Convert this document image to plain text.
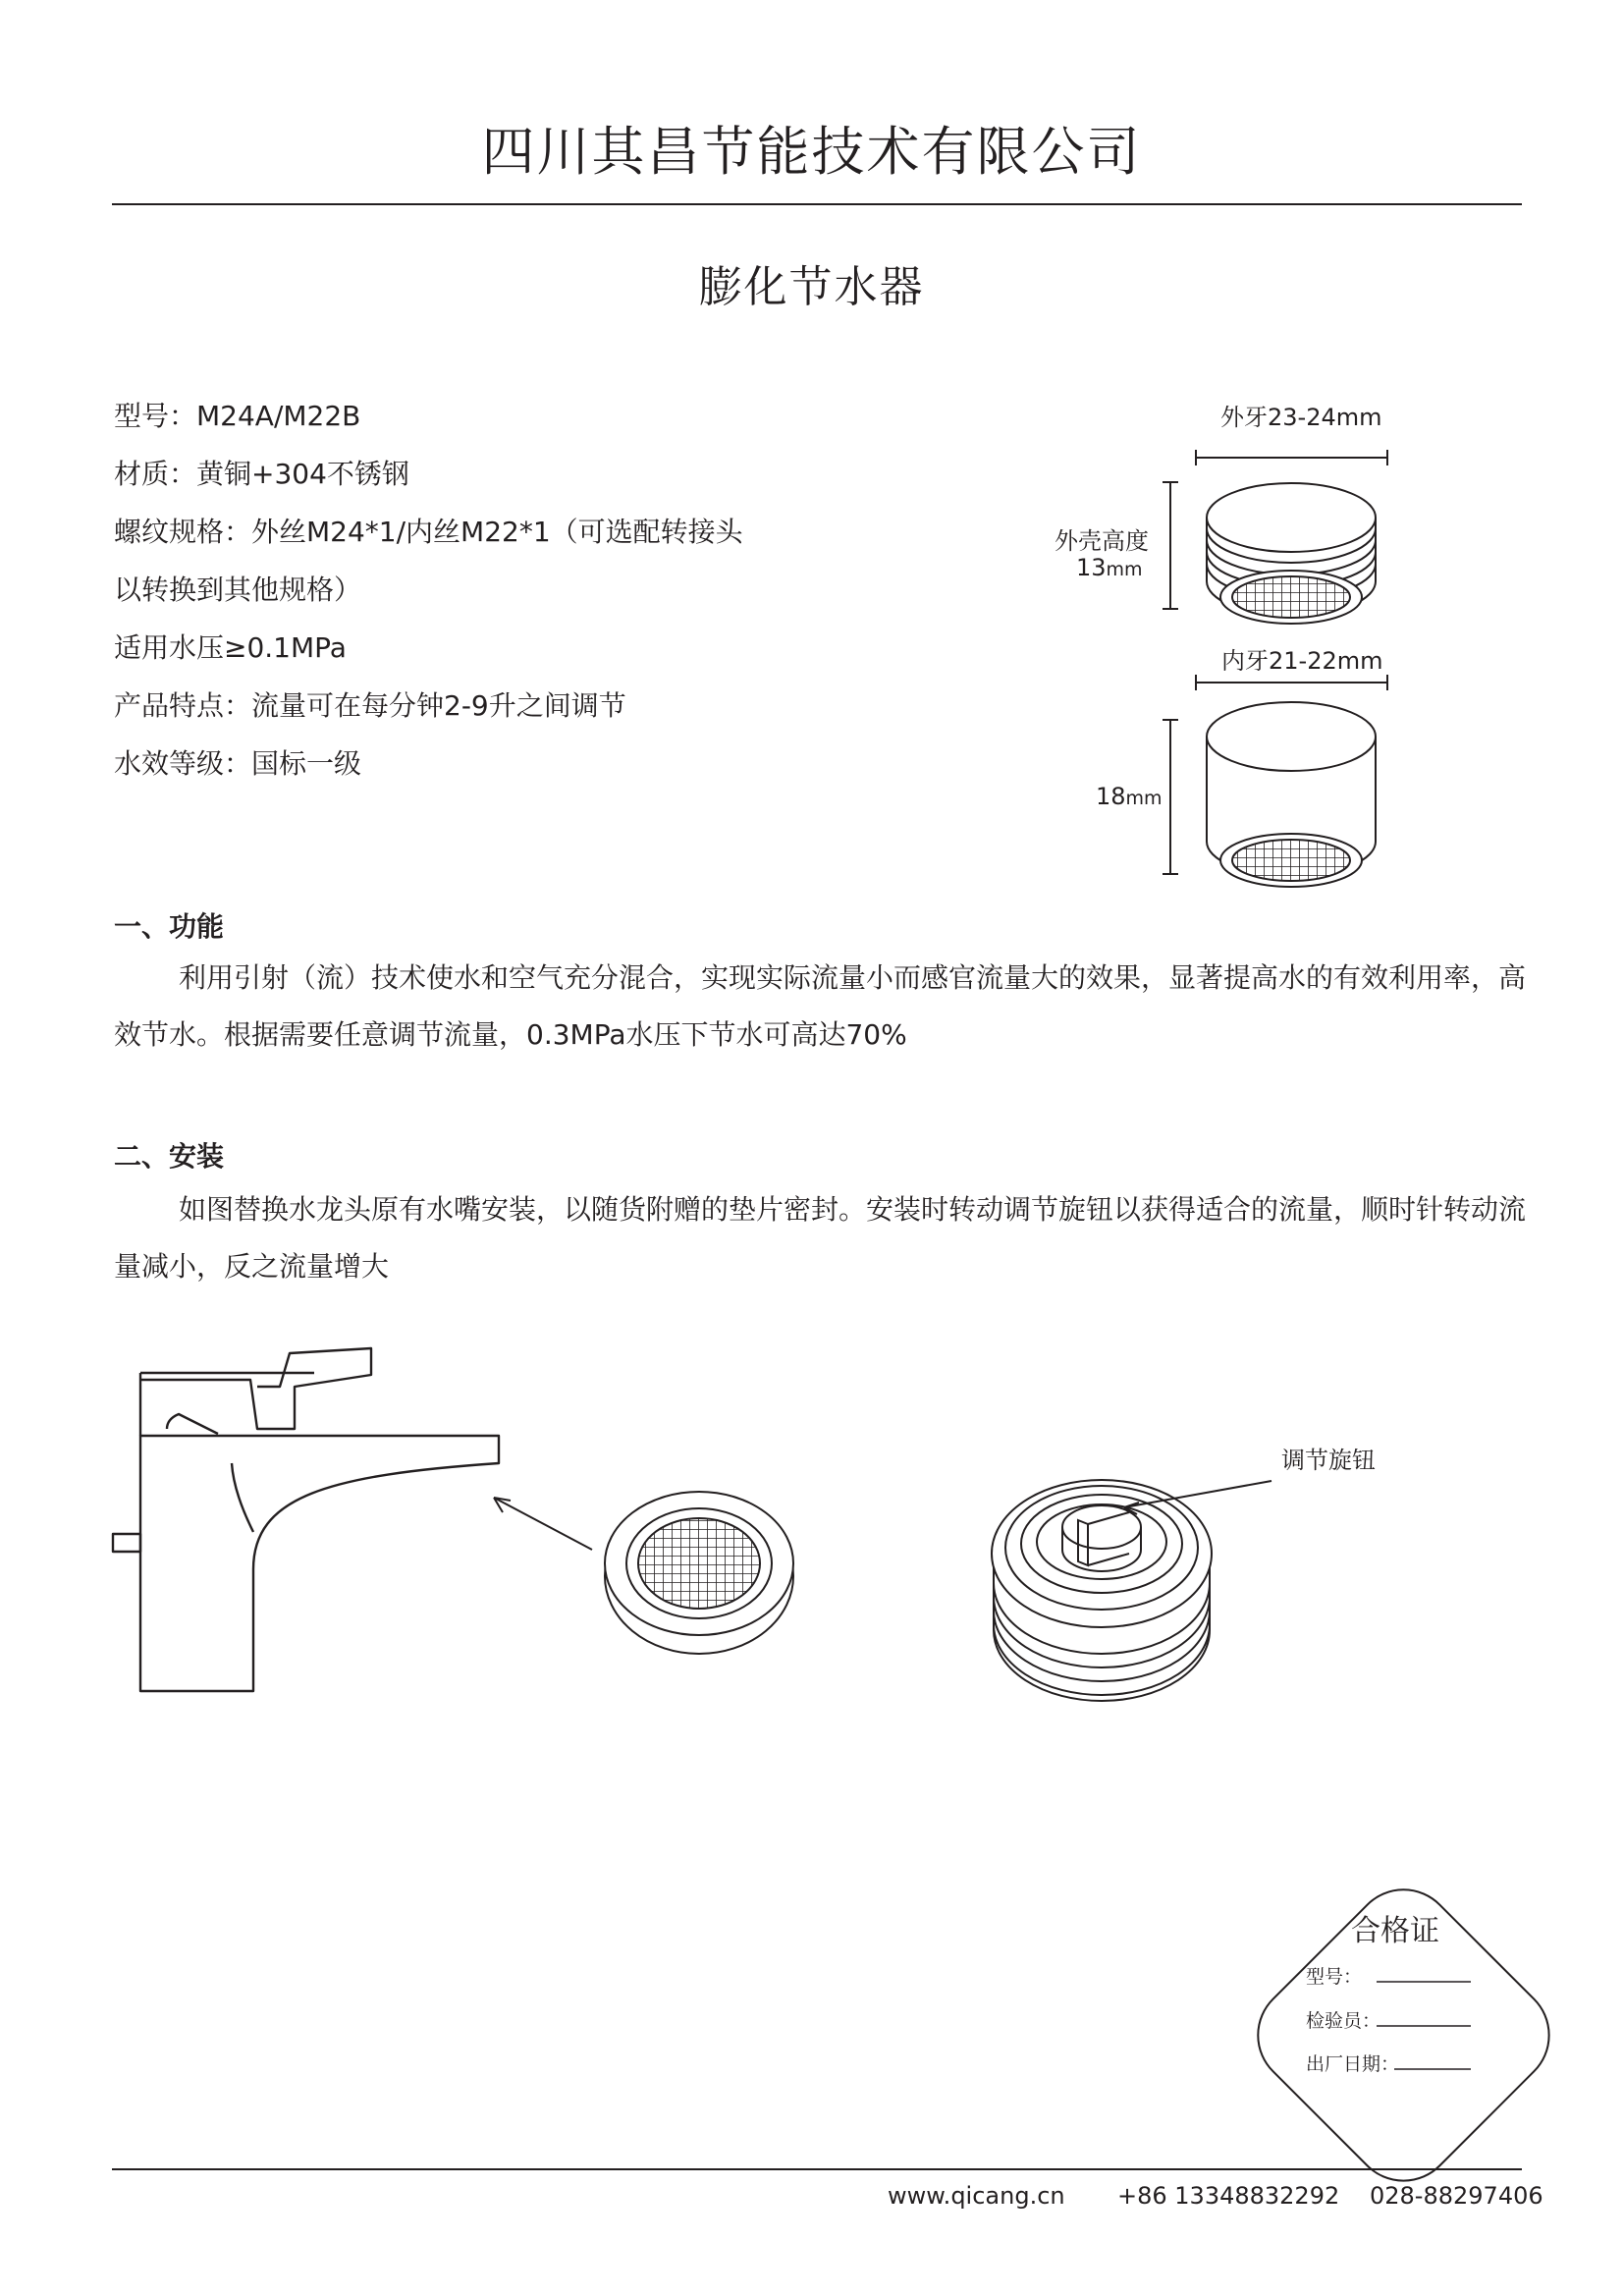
四川其昌节能技术有限公司
膨化节水器
型号：M24A/M22B
材质：黄铜+304不锈钢
螺纹规格：外丝M24*1/内丝M22*1（可选配转接头
以转换到其他规格）
适用水压≥0.1MPa
产品特点：流量可在每分钟2-9升之间调节
水效等级：国标一级
外牙23-24mm
外壳高度
13mm
内牙21-22mm
18mm
一、功能
利用引射（流）技术使水和空气充分混合，实现实际流量小而感官流量大的效果，显著提高水的有效利用率，高效节水。根据需要任意调节流量，0.3MPa水压下节水可高达70%
二、安装
如图替换水龙头原有水嘴安装，以随货附赠的垫片密封。安装时转动调节旋钮以获得适合的流量，顺时针转动流量减小，反之流量增大
调节旋钮
合格证
型号：
检验员：
出厂日期：
www.qicang.cn +86 13348832292 028-88297406
